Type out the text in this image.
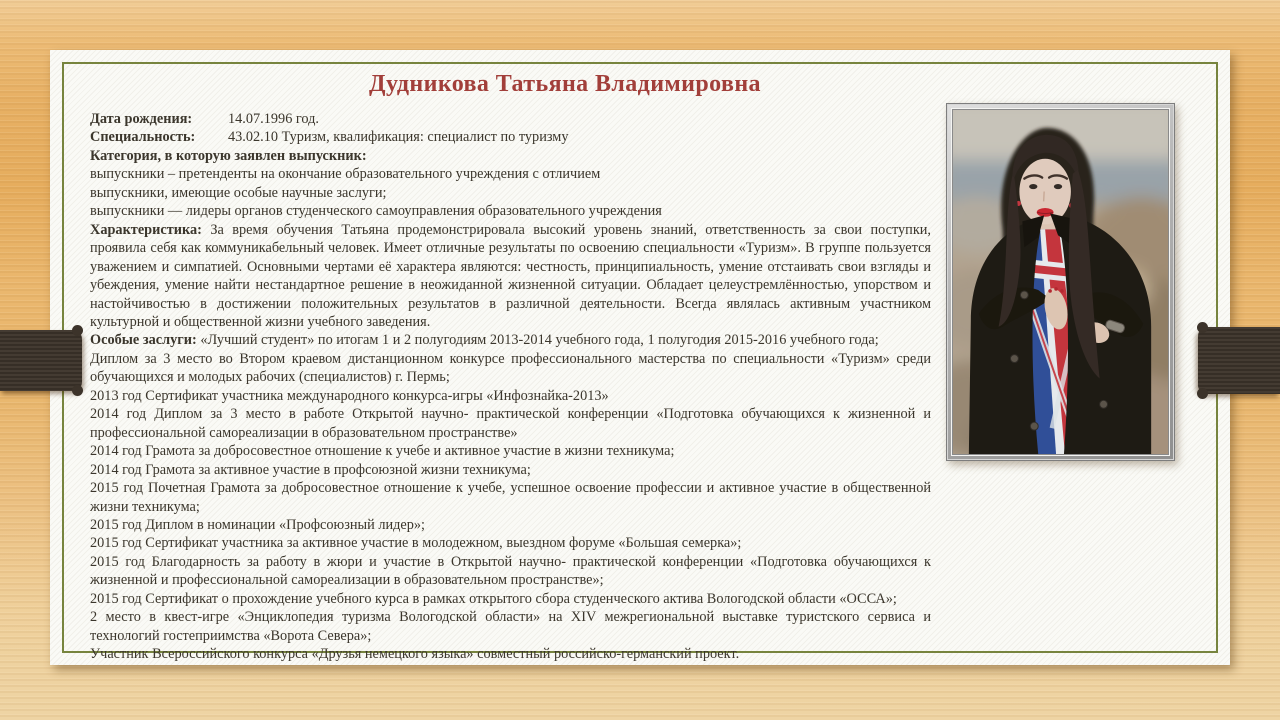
Дудникова Татьяна Владимировна

Дата рождения:	14.07.1996 год.

Специальность: 43.02.10 Туризм, квалификация: специалист по туризму

Категория, в которую заявлен выпускник:

выпускники – претенденты на окончание образовательного учреждения с отличием

выпускники, имеющие особые научные заслуги;

выпускники — лидеры органов студенческого самоуправления образовательного учреждения

Характеристика: За время обучения Татьяна продемонстрировала высокий уровень знаний, ответственность за свои поступки, проявила себя как коммуникабельный человек. Имеет отличные результаты по освоению специальности «Туризм». В группе пользуется уважением и симпатией. Основными чертами её характера являются: честность, принципиальность, умение отстаивать свои взгляды и убеждения, умение найти нестандартное решение в неожиданной жизненной ситуации. Обладает целеустремлённостью, упорством и настойчивостью в достижении положительных результатов в различной деятельности. Всегда являлась активным участником культурной и общественной жизни учебного заведения.

Особые заслуги: «Лучший студент» по итогам 1 и 2 полугодиям 2013-2014 учебного года, 1 полугодия 2015-2016 учебного года;

Диплом за 3 место во Втором краевом дистанционном конкурсе профессионального мастерства по специальности «Туризм» среди обучающихся и молодых рабочих (специалистов) г. Пермь;

2013 год Сертификат участника международного конкурса-игры «Инфознайка-2013»

2014 год Диплом за 3 место в работе Открытой научно- практической конференции «Подготовка обучающихся к жизненной и профессиональной самореализации в образовательном пространстве»

2014 год Грамота за добросовестное отношение к учебе и активное участие в жизни техникума;

2014 год Грамота за активное участие в профсоюзной жизни техникума;

2015 год Почетная Грамота за добросовестное отношение к учебе, успешное освоение профессии и активное участие в общественной жизни техникума;

2015 год Диплом в номинации «Профсоюзный лидер»;

2015 год Сертификат участника за активное участие в молодежном, выездном форуме «Большая семерка»;

2015 год Благодарность за работу в жюри и участие в Открытой научно- практической конференции «Подготовка обучающихся к жизненной и профессиональной самореализации в образовательном пространстве»;

2015 год Сертификат о прохождение учебного курса в рамках открытого сбора студенческого актива Вологодской области «ОССА»;

2 место в квест-игре «Энциклопедия туризма Вологодской области» на XIV межрегиональной выставке туристского сервиса и технологий гостеприимства «Ворота Севера»;

Участник Всероссийского конкурса «Друзья немецкого языка» совместный российско-германский проект.
